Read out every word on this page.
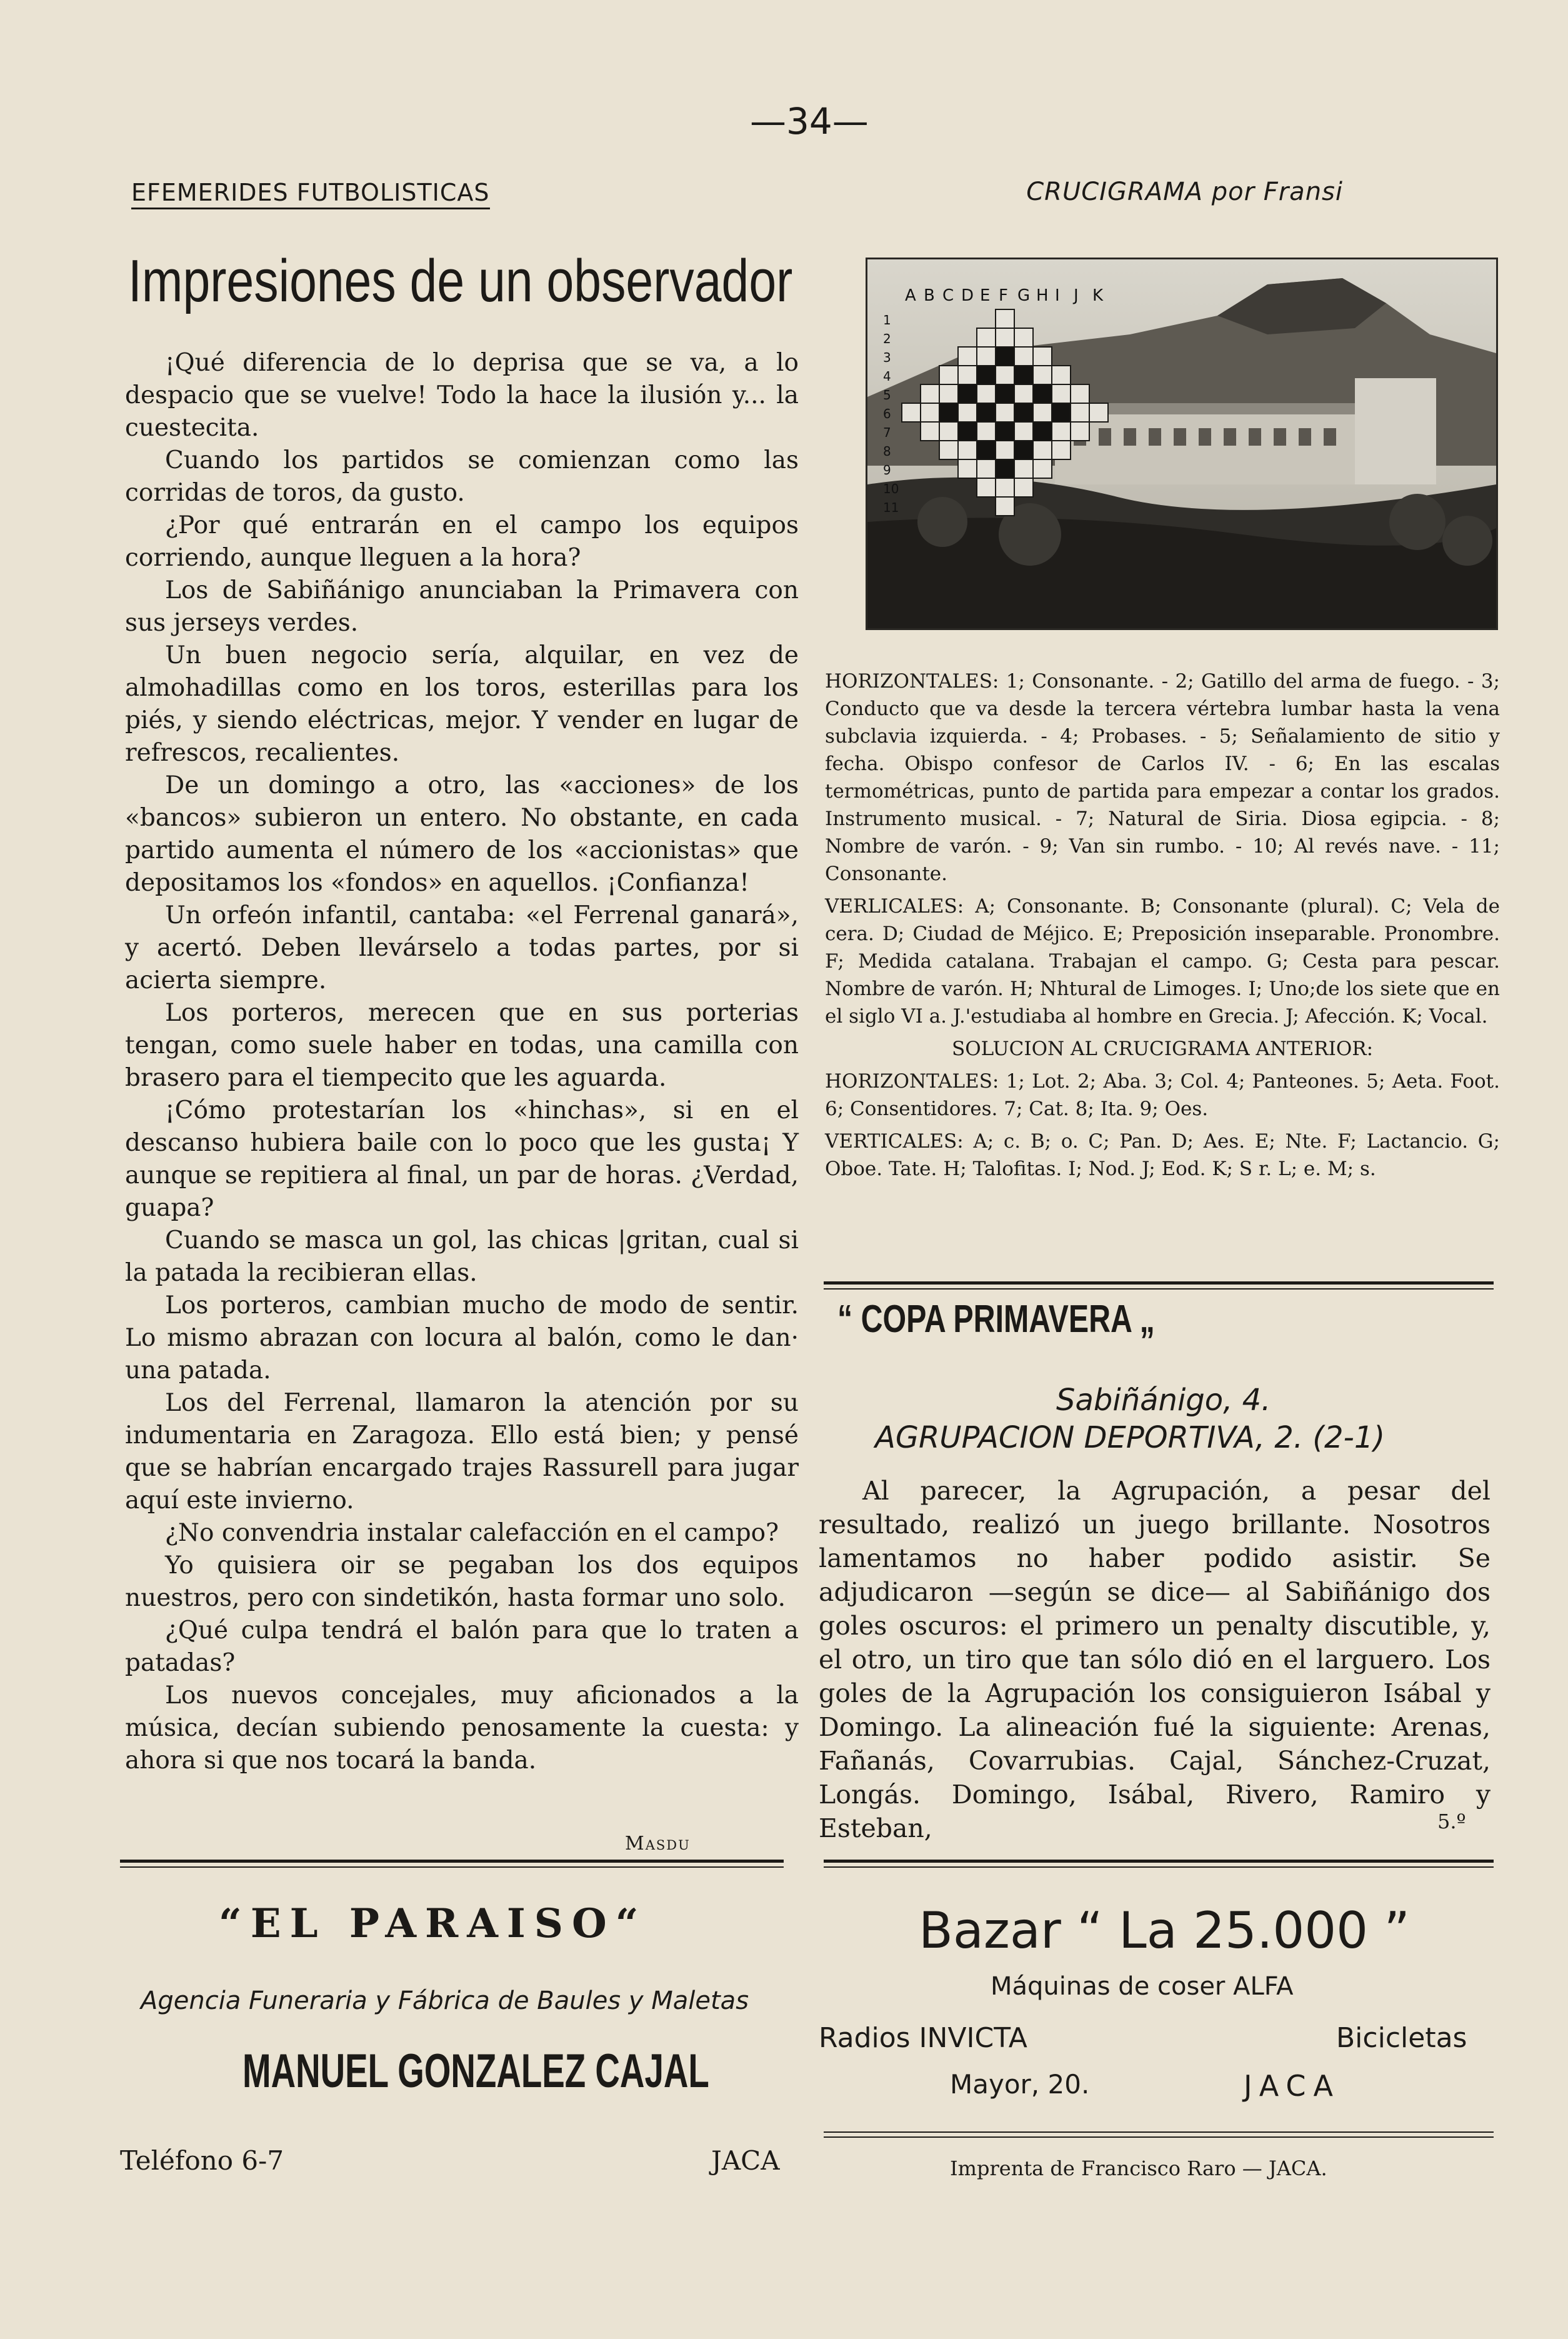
—34—
EFEMERIDES FUTBOLISTICAS	CRUCIGRAMA por Fransi
Impresiones de un observador

¡Qué diferencia de lo deprisa que se va, a lo despacio que se vuelve! Todo la hace la ilusión y... la cuestecita.

Cuando los partidos se comienzan como las corridas de toros, da gusto.

¿Por qué entrarán en el campo los equipos corriendo, aunque lleguen a la hora?

Los de Sabiñánigo anunciaban la Primavera con sus jerseys verdes.

Un buen negocio sería, alquilar, en vez de almohadillas como en los toros, esterillas para los piés, y siendo eléctricas, mejor. Y vender en lugar de refrescos, recalientes.

De un domingo a otro, las «acciones» de los «bancos» subieron un entero. No obstante, en cada partido aumenta el número de los «accionistas» que depositamos los «fondos» en aquellos. ¡Confianza!

Un orfeón infantil, cantaba: «el Ferrenal ganará», y acertó. Deben llevárselo a todas partes, por si acierta siempre.

Los porteros, merecen que en sus porterias tengan, como suele haber en todas, una camilla con brasero para el tiempecito que les aguarda.

¡Cómo protestarían los «hinchas», si en el descanso hubiera baile con lo poco que les gusta¡ Y aunque se repitiera al final, un par de horas. ¿Verdad, guapa?

Cuando se masca un gol, las chicas |gritan, cual si la patada la recibieran ellas.

Los porteros, cambian mucho de modo de sentir. Lo mismo abrazan con locura al balón, como le dan· una patada.

Los del Ferrenal, llamaron la atención por su indumentaria en Zaragoza. Ello está bien; y pensé que se habrían encargado trajes Rassurell para jugar aquí este invierno.

¿No convendria instalar calefacción en el campo?

Yo quisiera oir se pegaban los dos equipos nuestros, pero con sindetikón, hasta formar uno solo.

¿Qué culpa tendrá el balón para que lo traten a patadas?

Los nuevos concejales, muy aficionados a la música, decían subiendo penosamente la cuesta: y ahora si que nos tocará la banda.

Masdu
A B C D E F G H I J K
1
2
3
4
5
6
7
8
9
10
11

HORIZONTALES: 1; Consonante. - 2; Gatillo del arma de fuego. - 3; Conducto que va desde la tercera vértebra lumbar hasta la vena subclavia izquierda. - 4; Probases. - 5; Señalamiento de sitio y fecha. Obispo confesor de Carlos IV. - 6; En las escalas termométricas, punto de partida para empezar a contar los grados. Instrumento musical. - 7; Natural de Siria. Diosa egipcia. - 8; Nombre de varón. - 9; Van sin rumbo. - 10; Al revés nave. - 11; Consonante.

VERLICALES: A; Consonante. B; Consonante (plural). C; Vela de cera. D; Ciudad de Méjico. E; Preposición inseparable. Pronombre. F; Medida catalana. Trabajan el campo. G; Cesta para pescar. Nombre de varón. H; Nhtural de Limoges. I; Uno;de los siete que en el siglo VI a. J.'estudiaba al hombre en Grecia. J; Afección. K; Vocal.

SOLUCION AL CRUCIGRAMA ANTERIOR:

HORIZONTALES: 1; Lot. 2; Aba. 3; Col. 4; Panteones. 5; Aeta. Foot. 6; Consentidores. 7; Cat. 8; Ita. 9; Oes.

VERTICALES: A; c. B; o. C; Pan. D; Aes. E; Nte. F; Lactancio. G; Oboe. Tate. H; Talofitas. I; Nod. J; Eod. K; S r. L; e. M; s.

“ COPA PRIMAVERA „
Sabiñánigo, 4.
AGRUPACION DEPORTIVA, 2. (2-1)

Al parecer, la Agrupación, a pesar del resultado, realizó un juego brillante. Nosotros lamentamos no haber podido asistir. Se adjudicaron —según se dice— al Sabiñánigo dos goles oscuros: el primero un penalty discutible, y, el otro, un tiro que tan sólo dió en el larguero. Los goles de la Agrupación los consiguieron Isábal y Domingo. La alineación fué la siguiente: Arenas, Fañanás, Covarrubias. Cajal, Sánchez-Cruzat, Longás. Domingo, Isábal, Rivero, Ramiro y Esteban,	5.º
“EL PARAISO“
Agencia Funeraria y Fábrica de Baules y Maletas
MANUEL GONZALEZ CAJAL
Teléfono 6-7	JACA
Bazar “ La 25.000 ”
Máquinas de coser ALFA
Radios INVICTA	Bicicletas
Mayor, 20.	JACA
Imprenta de Francisco Raro — JACA.
